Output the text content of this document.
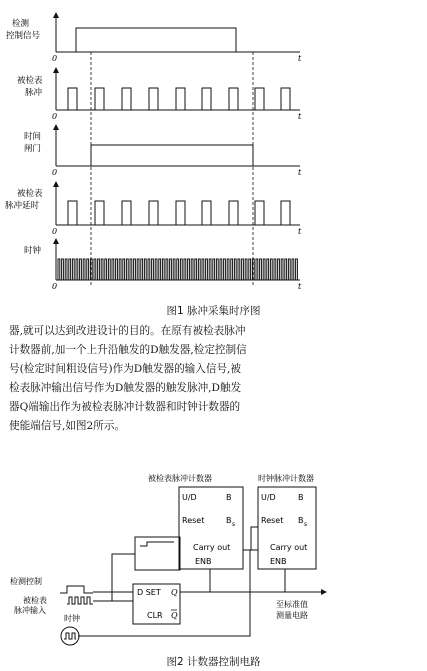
检测
控制信号
被检表
脉冲
时间
闸门
被检表
脉冲延时
时钟
0	t
0	t
0	t
0	t
0	t
图1 脉冲采集时序图
器,就可以达到改进设计的目的。在原有被检表脉冲
计数器前,加一个上升沿触发的D触发器,检定控制信
号(检定时间粗设信号)作为D触发器的输入信号,被
检表脉冲输出信号作为D触发器的触发脉冲,D触发
器Q端输出作为被检表脉冲计数器和时钟计数器的
使能端信号,如图2所示。
被检表脉冲计数器	时钟脉冲计数器
U/D	B
Reset	B s
Carry out
ENB
U/D	B
Reset B s
Carry out
ENB
D SET Q
CLR Q
检测控制
被检表
脉冲输入
时钟
至标准值
测量电路
图2 计数器控制电路
